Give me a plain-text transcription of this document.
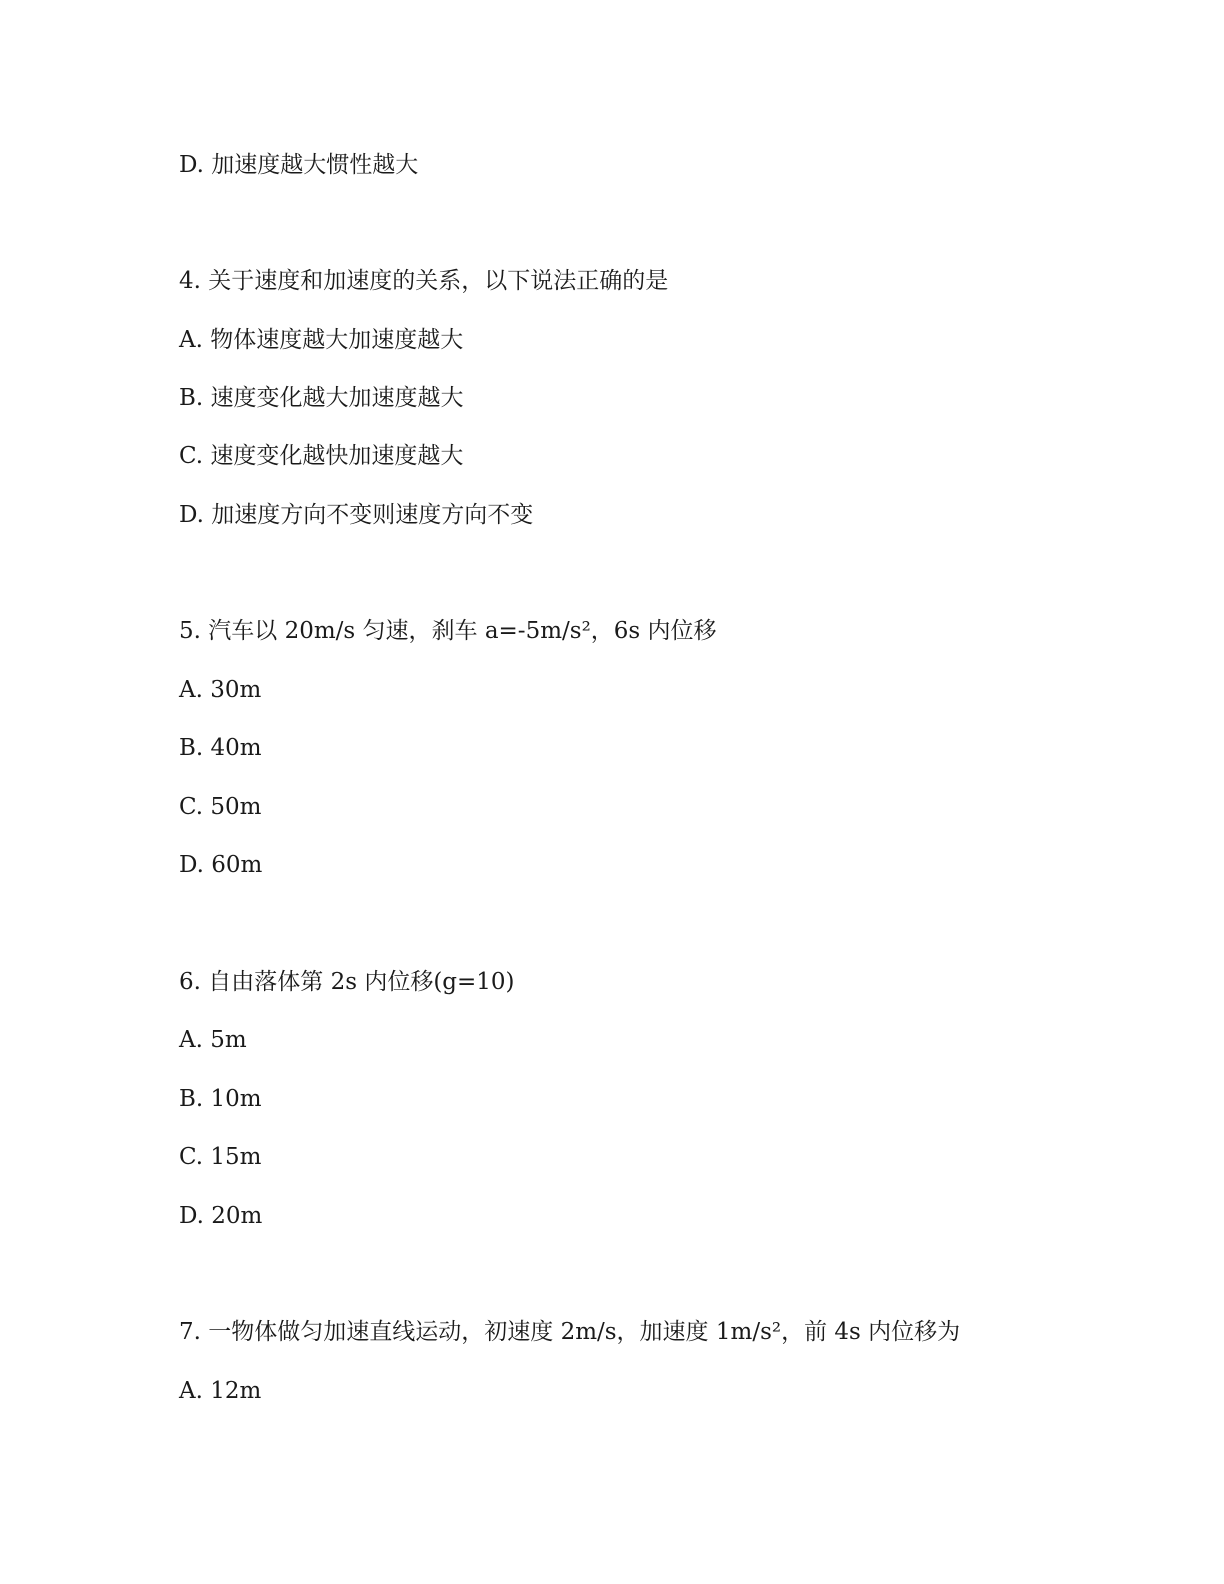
D. 加速度越大惯性越大
4. 关于速度和加速度的关系，以下说法正确的是
A. 物体速度越大加速度越大
B. 速度变化越大加速度越大
C. 速度变化越快加速度越大
D. 加速度方向不变则速度方向不变
5. 汽车以 20m/s 匀速，刹车 a=-5m/s²，6s 内位移
A. 30m
B. 40m
C. 50m
D. 60m
6. 自由落体第 2s 内位移(g=10)
A. 5m
B. 10m
C. 15m
D. 20m
7. 一物体做匀加速直线运动，初速度 2m/s，加速度 1m/s²，前 4s 内位移为
A. 12m
